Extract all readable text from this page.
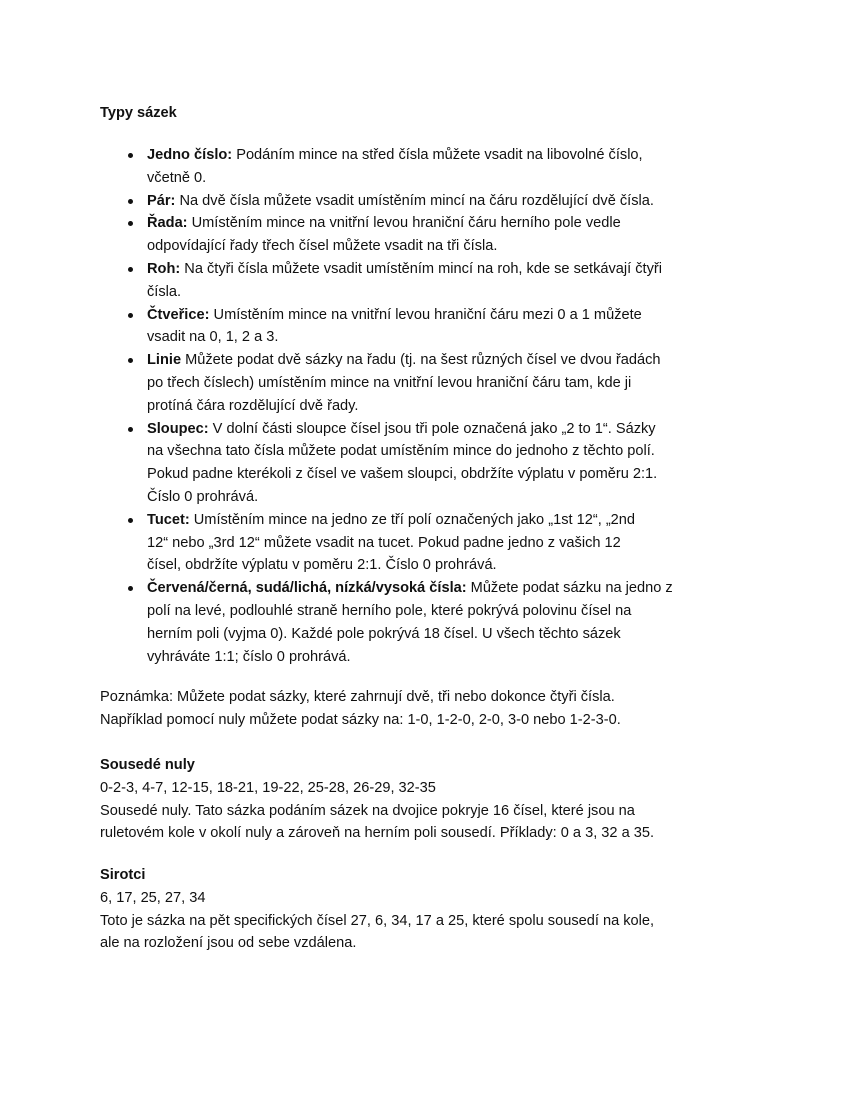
Typy sázek
Jedno číslo: Podáním mince na střed čísla můžete vsadit na libovolné číslo,
včetně 0.
Pár: Na dvě čísla můžete vsadit umístěním mincí na čáru rozdělující dvě čísla.
Řada: Umístěním mince na vnitřní levou hraniční čáru herního pole vedle
odpovídající řady třech čísel můžete vsadit na tři čísla.
Roh: Na čtyři čísla můžete vsadit umístěním mincí na roh, kde se setkávají čtyři
čísla.
Čtveřice: Umístěním mince na vnitřní levou hraniční čáru mezi 0 a 1 můžete
vsadit na 0, 1, 2 a 3.
Linie Můžete podat dvě sázky na řadu (tj. na šest různých čísel ve dvou řadách
po třech číslech) umístěním mince na vnitřní levou hraniční čáru tam, kde ji
protíná čára rozdělující dvě řady.
Sloupec: V dolní části sloupce čísel jsou tři pole označená jako „2 to 1“. Sázky
na všechna tato čísla můžete podat umístěním mince do jednoho z těchto polí.
Pokud padne kterékoli z čísel ve vašem sloupci, obdržíte výplatu v poměru 2:1.
Číslo 0 prohrává.
Tucet: Umístěním mince na jedno ze tří polí označených jako „1st 12“, „2nd
12“ nebo „3rd 12“ můžete vsadit na tucet. Pokud padne jedno z vašich 12
čísel, obdržíte výplatu v poměru 2:1. Číslo 0 prohrává.
Červená/černá, sudá/lichá, nízká/vysoká čísla: Můžete podat sázku na jedno z
polí na levé, podlouhlé straně herního pole, které pokrývá polovinu čísel na
herním poli (vyjma 0). Každé pole pokrývá 18 čísel. U všech těchto sázek
vyhráváte 1:1; číslo 0 prohrává.
Poznámka: Můžete podat sázky, které zahrnují dvě, tři nebo dokonce čtyři čísla.
Například pomocí nuly můžete podat sázky na: 1-0, 1-2-0, 2-0, 3-0 nebo 1-2-3-0.
Sousedé nuly
0-2-3, 4-7, 12-15, 18-21, 19-22, 25-28, 26-29, 32-35
Sousedé nuly. Tato sázka podáním sázek na dvojice pokryje 16 čísel, které jsou na
ruletovém kole v okolí nuly a zároveň na herním poli sousedí. Příklady: 0 a 3, 32 a 35.
Sirotci
6, 17, 25, 27, 34
Toto je sázka na pět specifických čísel 27, 6, 34, 17 a 25, které spolu sousedí na kole,
ale na rozložení jsou od sebe vzdálena.
